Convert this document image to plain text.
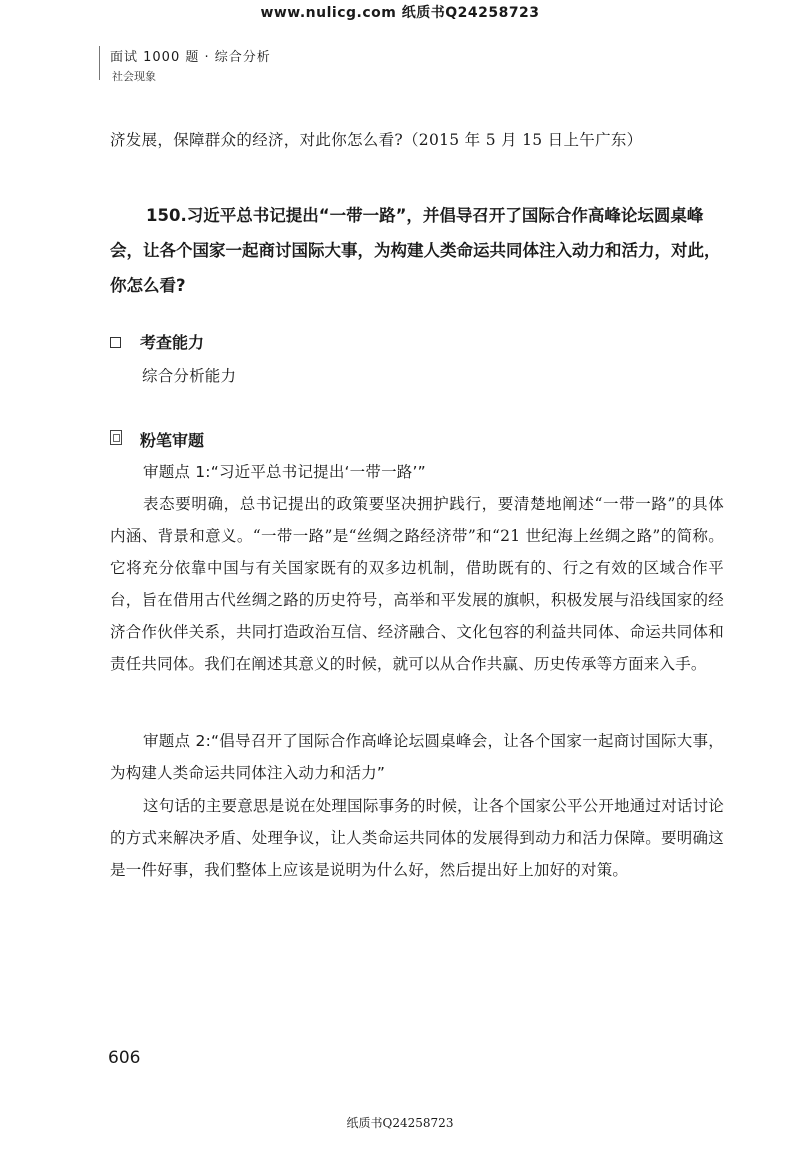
www.nulicg.com 纸质书Q24258723
面试 1000 题 · 综合分析
社会现象
济发展，保障群众的经济，对此你怎么看?（2015 年 5 月 15 日上午广东）
150.习近平总书记提出“一带一路”，并倡导召开了国际合作高峰论坛圆桌峰会，让各个国家一起商讨国际大事，为构建人类命运共同体注入动力和活力，对此，你怎么看?
考查能力
综合分析能力
粉笔审题
审题点 1:“习近平总书记提出‘一带一路’”
表态要明确，总书记提出的政策要坚决拥护践行，要清楚地阐述“一带一路”的具体内涵、背景和意义。“一带一路”是“丝绸之路经济带”和“21 世纪海上丝绸之路”的简称。它将充分依靠中国与有关国家既有的双多边机制，借助既有的、行之有效的区域合作平台，旨在借用古代丝绸之路的历史符号，高举和平发展的旗帜，积极发展与沿线国家的经济合作伙伴关系，共同打造政治互信、经济融合、文化包容的利益共同体、命运共同体和责任共同体。我们在阐述其意义的时候，就可以从合作共赢、历史传承等方面来入手。
审题点 2:“倡导召开了国际合作高峰论坛圆桌峰会，让各个国家一起商讨国际大事，为构建人类命运共同体注入动力和活力”
这句话的主要意思是说在处理国际事务的时候，让各个国家公平公开地通过对话讨论的方式来解决矛盾、处理争议，让人类命运共同体的发展得到动力和活力保障。要明确这是一件好事，我们整体上应该是说明为什么好，然后提出好上加好的对策。
606
纸质书Q24258723
